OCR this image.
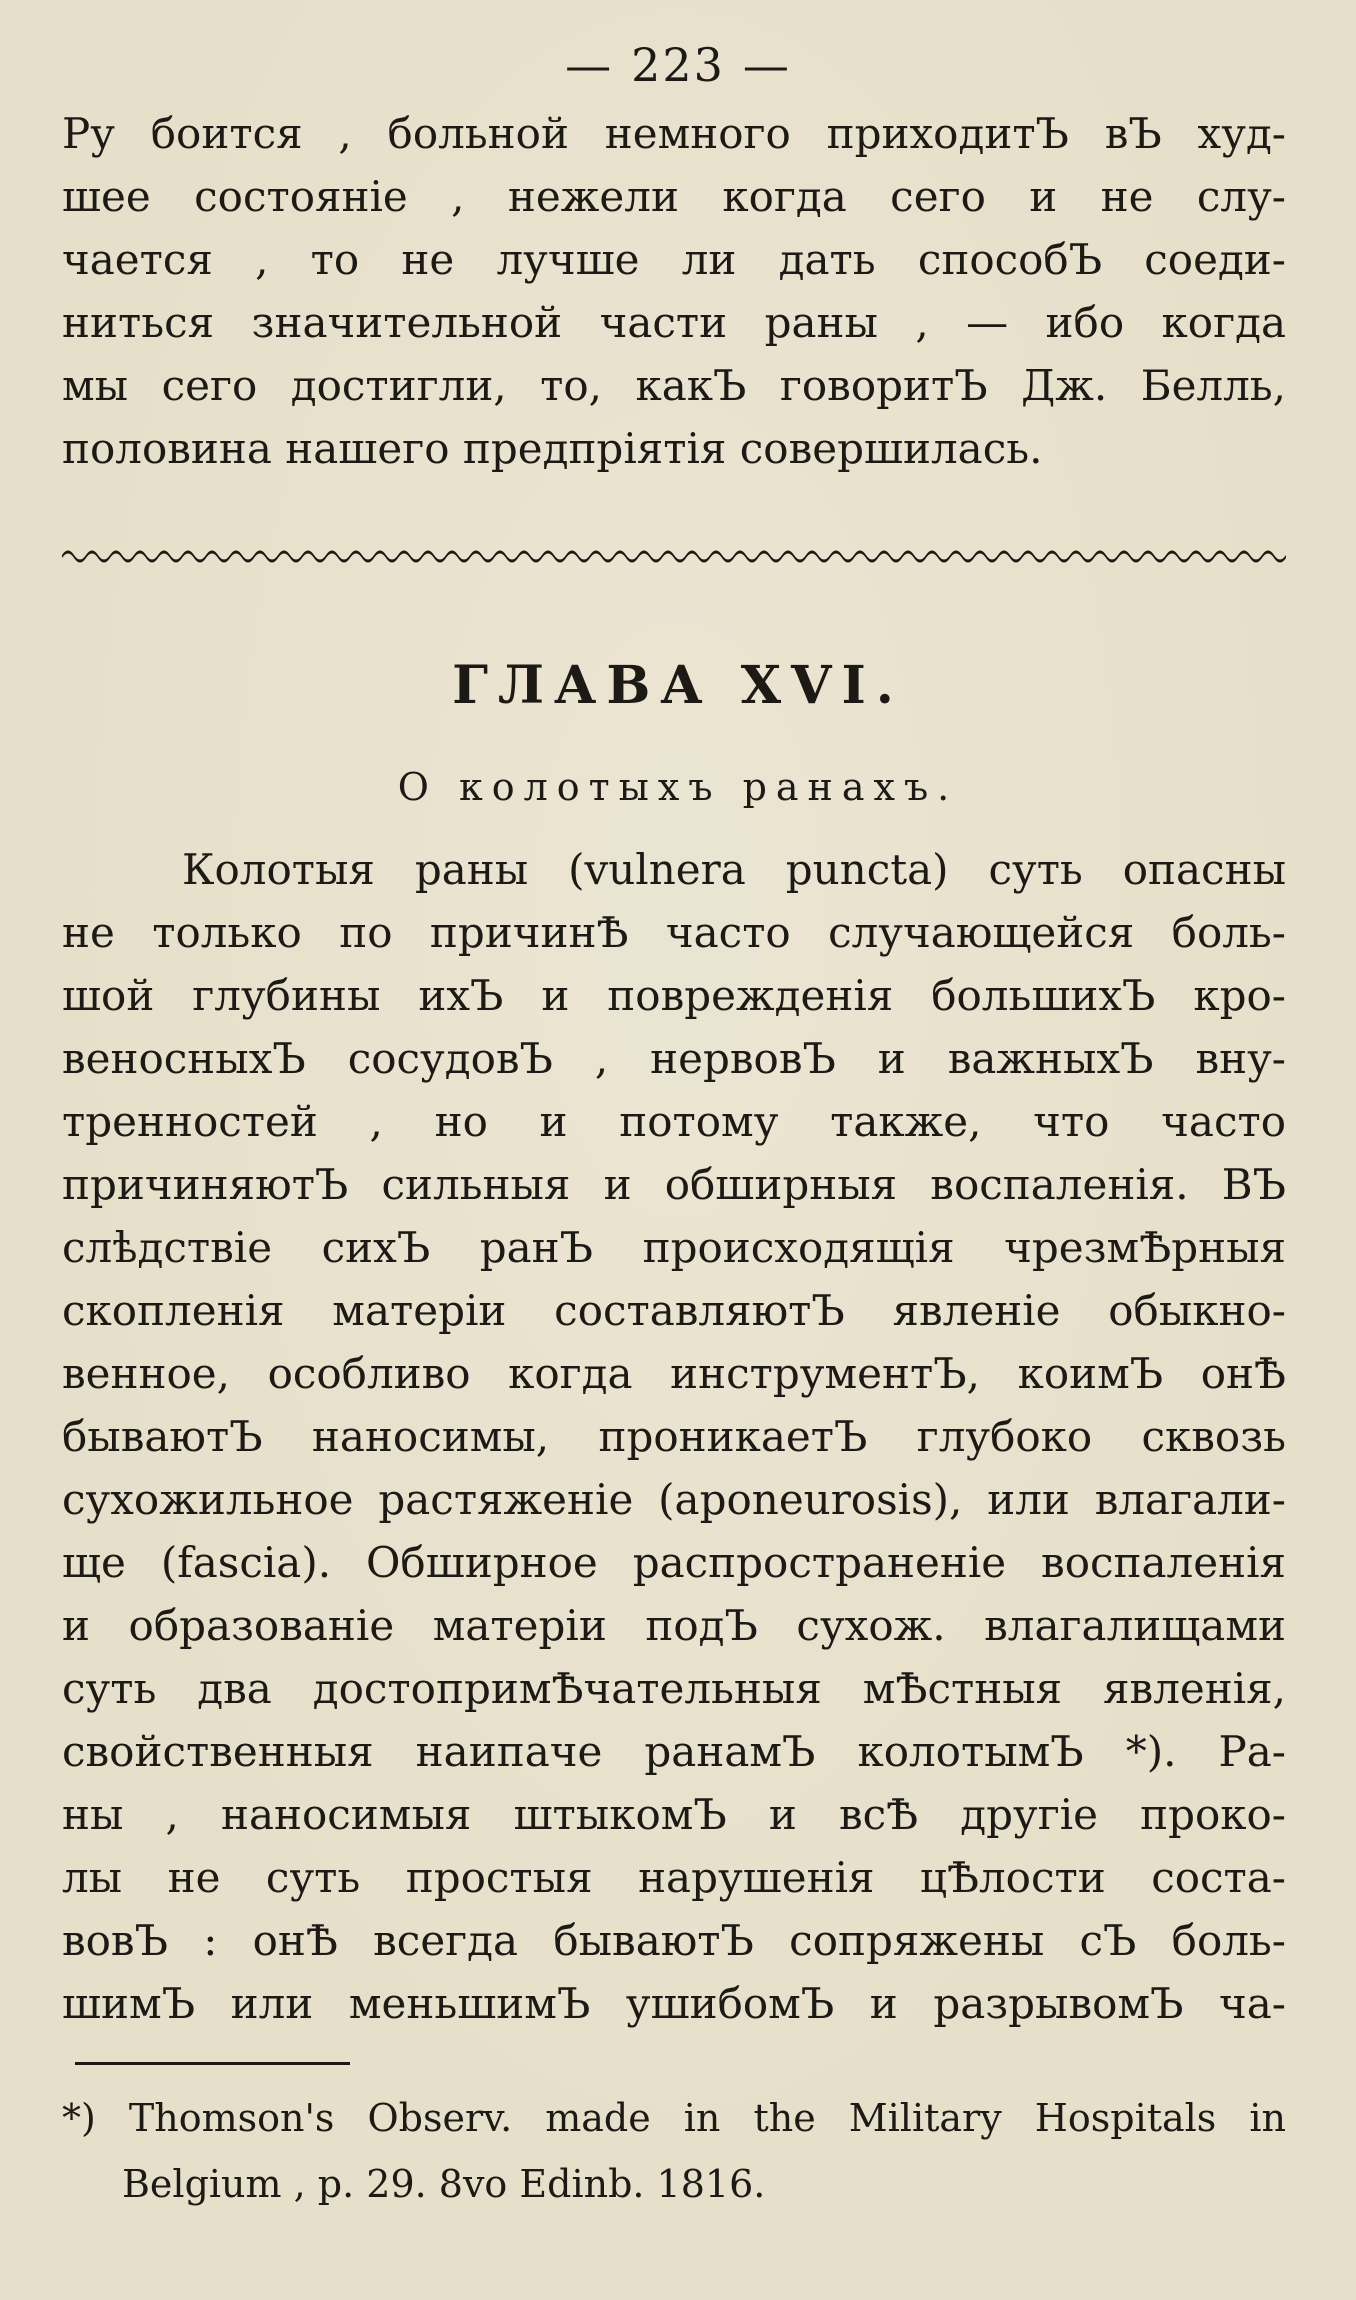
— 223 —
Ру боится , больной немного приходитЪ вЪ худ-
шее состояніе , нежели когда сего и не слу-
чается , то не лучше ли дать способЪ соеди-
ниться значительной части раны , — ибо когда
мы сего достигли, то, какЪ говоритЪ Дж. Белль,
половина нашего предпріятія совершилась.
ГЛАВА XVI.
О колотыхъ ранахъ.
Колотыя раны (vulnera puncta) суть опасны
не только по причинѢ часто случающейся боль-
шой глубины ихЪ и поврежденія большихЪ кро-
веносныхЪ сосудовЪ , нервовЪ и важныхЪ вну-
тренностей , но и потому также, что часто
причиняютЪ сильныя и обширныя воспаленія. ВЪ
слѣдствіе сихЪ ранЪ происходящія чрезмѢрныя
скопленія матеріи составляютЪ явленіе обыкно-
венное, особливо когда инструментЪ, коимЪ онѢ
бываютЪ наносимы, проникаетЪ глубоко сквозь
сухожильное растяженіе (aponeurosis), или влагали-
ще (fascia). Обширное распространеніе воспаленія
и образованіе матеріи подЪ сухож. влагалищами
суть два достопримѢчательныя мѢстныя явленія,
свойственныя наипаче ранамЪ колотымЪ *). Ра-
ны , наносимыя штыкомЪ и всѢ другіе проко-
лы не суть простыя нарушенія цѢлости соста-
вовЪ : онѢ всегда бываютЪ сопряжены сЪ боль-
шимЪ или меньшимЪ ушибомЪ и разрывомЪ ча-
*) Thomson's Observ. made in the Military Hospitals in
Belgium , p. 29. 8vo Edinb. 1816.
